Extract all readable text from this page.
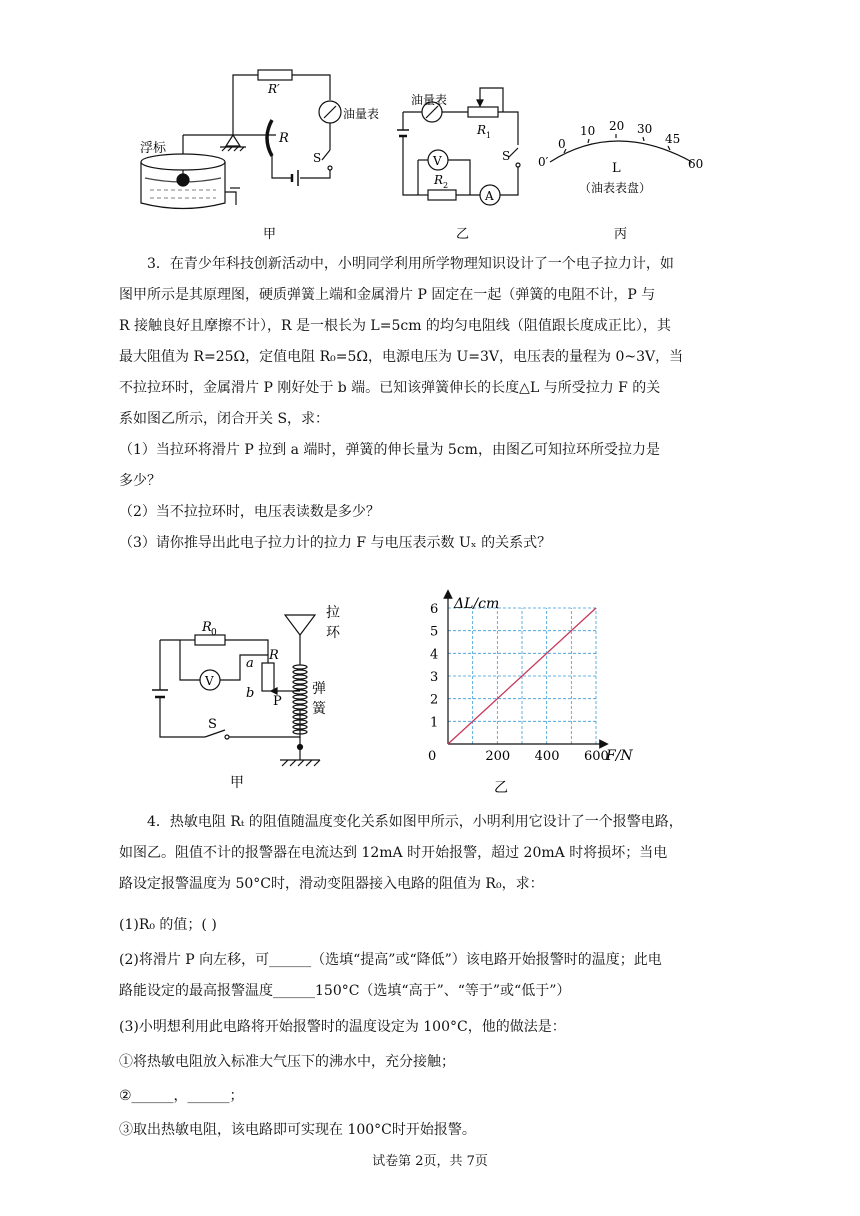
浮标
R′
R
油量表
S
油量表
R 1
V
R 2
A
S 0′
0
10 20 30
45
60
L
（油表表盘）
甲	乙	丙
3．在青少年科技创新活动中，小明同学利用所学物理知识设计了一个电子拉力计，如
图甲所示是其原理图，硬质弹簧上端和金属滑片 P 固定在一起（弹簧的电阻不计，P 与
R 接触良好且摩擦不计），R 是一根长为 L=5cm 的均匀电阻线（阻值跟长度成正比），其
最大阻值为 R=25Ω，定值电阻 R₀=5Ω，电源电压为 U=3V，电压表的量程为 0~3V，当
不拉拉环时，金属滑片 P 刚好处于 b 端。已知该弹簧伸长的长度△L 与所受拉力 F 的关
系如图乙所示，闭合开关 S，求：
（1）当拉环将滑片 P 拉到 a 端时，弹簧的伸长量为 5cm，由图乙可知拉环所受拉力是
多少？
（2）当不拉拉环时，电压表读数是多少？
（3）请你推导出此电子拉力计的拉力 F 与电压表示数 Uₓ 的关系式？
R 0
V
a
R
b
P
S
拉
环
弹
簧
甲
1
2
3
4
5
6
200 400 600
ΔL/cm
F/N
0
乙
4．热敏电阻 Rₜ 的阻值随温度变化关系如图甲所示，小明利用它设计了一个报警电路，
如图乙。阻值不计的报警器在电流达到 12mA 时开始报警，超过 20mA 时将损坏；当电
路设定报警温度为 50°C时，滑动变阻器接入电路的阻值为 R₀，求：
(1)R₀ 的值；( )
(2)将滑片 P 向左移，可______（选填“提高”或“降低”）该电路开始报警时的温度；此电
路能设定的最高报警温度______150°C（选填“高于”、“等于”或“低于”）
(3)小明想利用此电路将开始报警时的温度设定为 100°C，他的做法是：
①将热敏电阻放入标准大气压下的沸水中，充分接触；
②______，______；
③取出热敏电阻，该电路即可实现在 100°C时开始报警。
试卷第 2页，共 7页
